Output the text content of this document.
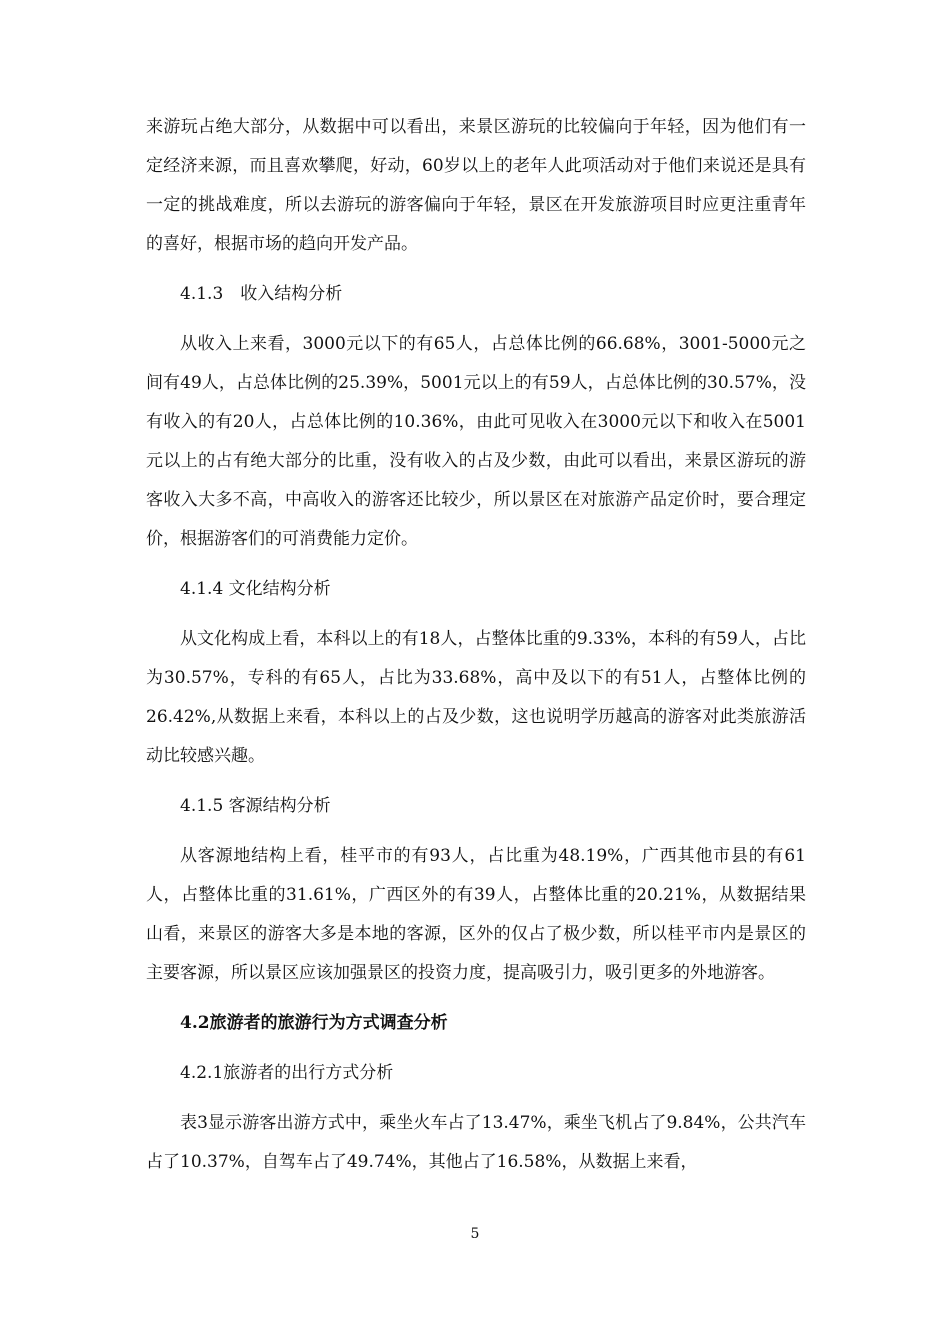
来游玩占绝大部分，从数据中可以看出，来景区游玩的比较偏向于年轻，因为他们有一定经济来源，而且喜欢攀爬，好动，60岁以上的老年人此项活动对于他们来说还是具有一定的挑战难度，所以去游玩的游客偏向于年轻，景区在开发旅游项目时应更注重青年的喜好，根据市场的趋向开发产品。

4.1.3　收入结构分析

从收入上来看，3000元以下的有65人，占总体比例的66.68%，3001-5000元之间有49人，占总体比例的25.39%，5001元以上的有59人，占总体比例的30.57%，没有收入的有20人，占总体比例的10.36%，由此可见收入在3000元以下和收入在5001元以上的占有绝大部分的比重，没有收入的占及少数，由此可以看出，来景区游玩的游客收入大多不高，中高收入的游客还比较少，所以景区在对旅游产品定价时，要合理定价，根据游客们的可消费能力定价。

4.1.4 文化结构分析

从文化构成上看，本科以上的有18人，占整体比重的9.33%，本科的有59人，占比为30.57%，专科的有65人，占比为33.68%，高中及以下的有51人，占整体比例的26.42%,从数据上来看，本科以上的占及少数，这也说明学历越高的游客对此类旅游活动比较感兴趣。

4.1.5 客源结构分析

从客源地结构上看，桂平市的有93人，占比重为48.19%，广西其他市县的有61人，占整体比重的31.61%，广西区外的有39人，占整体比重的20.21%，从数据结果山看，来景区的游客大多是本地的客源，区外的仅占了极少数，所以桂平市内是景区的主要客源，所以景区应该加强景区的投资力度，提高吸引力，吸引更多的外地游客。

4.2旅游者的旅游行为方式调查分析

4.2.1旅游者的出行方式分析

表3显示游客出游方式中，乘坐火车占了13.47%，乘坐飞机占了9.84%，公共汽车占了10.37%，自驾车占了49.74%，其他占了16.58%，从数据上来看，

5
